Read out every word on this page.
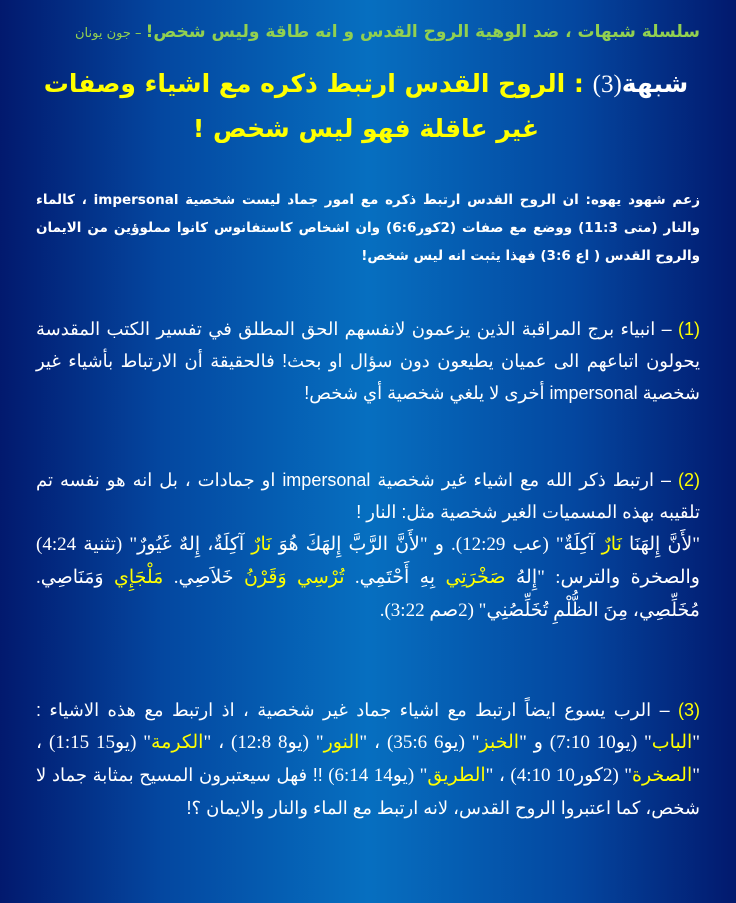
سلسلة شبهات ، ضد الوهية الروح القدس و انه طاقة وليس شخص! – جون يونان
شبهة(3) : الروح القدس ارتبط ذكره مع اشياء وصفات غير عاقلة فهو ليس شخص !
زعم شهود يهوه: ان الروح القدس ارتبط ذكره مع امور جماد ليست شخصية impersonal ، كالماء والنار (متى 11:3) ووضع مع صفات (2كور6:6) وان اشخاص كاستفانوس كانوا مملوؤين من الايمان والروح القدس ( اع 3:6) فهذا يثبت انه ليس شخص!
(1) – انبياء برج المراقبة الذين يزعمون لانفسهم الحق المطلق في تفسير الكتب المقدسة يحولون اتباعهم الى عميان يطيعون دون سؤال او بحث! فالحقيقة أن الارتباط بأشياء غير شخصية impersonal أخرى لا يلغي شخصية أي شخص!
(2) – ارتبط ذكر الله مع اشياء غير شخصية impersonal او جمادات ، بل انه هو نفسه تم تلقيبه بهذه المسميات الغير شخصية مثل: النار !
"لأَنَّ إِلهَنَا نَارٌ آكِلَةٌ" (عب 12:29). و "لأَنَّ الرَّبَّ إِلهَكَ هُوَ نَارٌ آكِلَةٌ، إِلهٌ غَيُورٌ" (تثنية 4:24) والصخرة والترس: "إِلهُ صَخْرَتِي بِهِ أَحْتَمِي. تُرْسِي وَقَرْنُ خَلاَصِي. مَلْجَإِي وَمَنَاصِي. مُخَلِّصِي، مِنَ الظُّلْمِ تُخَلِّصُنِي" (2صم 3:22).
(3) – الرب يسوع ايضاً ارتبط مع اشياء جماد غير شخصية ، اذ ارتبط مع هذه الاشياء : "الباب" (يو10 7:10) و "الخبز" (يو6 35:6) ، "النور" (يو8 12:8) ، "الكرمة" (يو15 1:15) ، "الصخرة" (2كور10 4:10) ، "الطريق" (يو14 6:14) !! فهل سيعتبرون المسيح بمثابة جماد لا شخص، كما اعتبروا الروح القدس، لانه ارتبط مع الماء والنار والايمان ؟!
